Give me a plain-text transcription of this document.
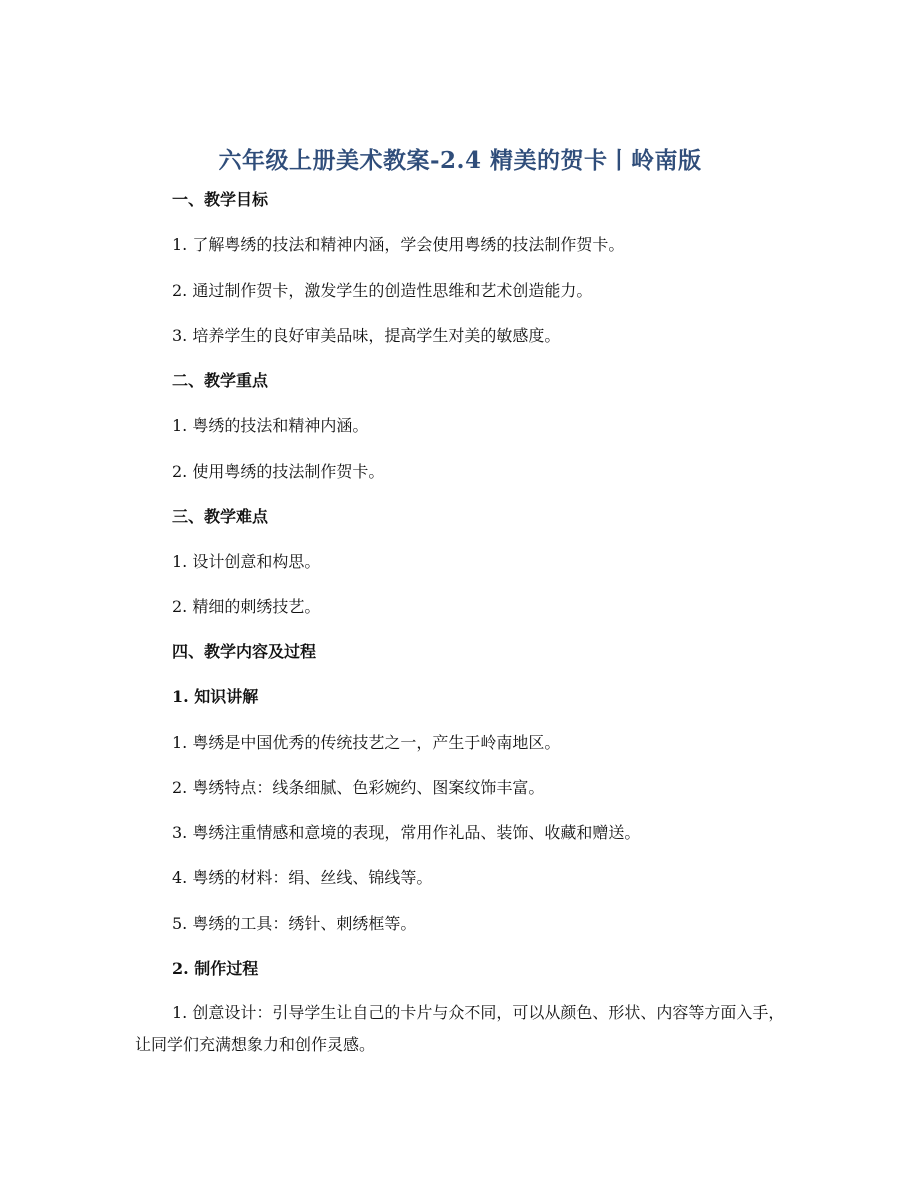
六年级上册美术教案-2.4 精美的贺卡丨岭南版
一、教学目标
1. 了解粤绣的技法和精神内涵，学会使用粤绣的技法制作贺卡。
2. 通过制作贺卡，激发学生的创造性思维和艺术创造能力。
3. 培养学生的良好审美品味，提高学生对美的敏感度。
二、教学重点
1. 粤绣的技法和精神内涵。
2. 使用粤绣的技法制作贺卡。
三、教学难点
1. 设计创意和构思。
2. 精细的刺绣技艺。
四、教学内容及过程
1. 知识讲解
1. 粤绣是中国优秀的传统技艺之一，产生于岭南地区。
2. 粤绣特点：线条细腻、色彩婉约、图案纹饰丰富。
3. 粤绣注重情感和意境的表现，常用作礼品、装饰、收藏和赠送。
4. 粤绣的材料：绢、丝线、锦线等。
5. 粤绣的工具：绣针、刺绣框等。
2. 制作过程
1. 创意设计：引导学生让自己的卡片与众不同，可以从颜色、形状、内容等方面入手，让同学们充满想象力和创作灵感。
